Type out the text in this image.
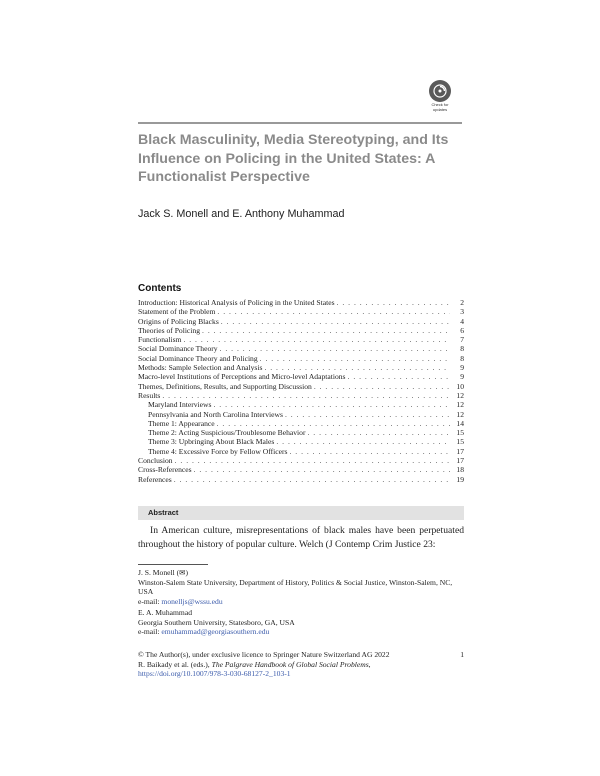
Check for
updates
Black Masculinity, Media Stereotyping, and Its Influence on Policing in the United States: A Functionalist Perspective
Jack S. Monell and E. Anthony Muhammad
Contents
Introduction: Historical Analysis of Policing in the United States . . .	2
Statement of the Problem . . .	3
Origins of Policing Blacks . . .	4
Theories of Policing . . .	6
Functionalism . . .	7
Social Dominance Theory . . .	8
Social Dominance Theory and Policing . . .	8
Methods: Sample Selection and Analysis . . .	9
Macro-level Institutions of Perceptions and Micro-level Adaptations . . .	9
Themes, Definitions, Results, and Supporting Discussion . . .	10
Results . . .	12
Maryland Interviews . . .	12
Pennsylvania and North Carolina Interviews . . .	12
Theme 1: Appearance . . .	14
Theme 2: Acting Suspicious/Troublesome Behavior . . .	15
Theme 3: Upbringing About Black Males . . .	15
Theme 4: Excessive Force by Fellow Officers . . .	17
Conclusion . . .	17
Cross-References . . .	18
References . . .	19
Abstract

In American culture, misrepresentations of black males have been perpetuated throughout the history of popular culture. Welch (J Contemp Crim Justice 23:

J. S. Monell (✉)

Winston-Salem State University, Department of History, Politics & Social Justice, Winston-Salem, NC, USA

e-mail: monelljs@wssu.edu

E. A. Muhammad

Georgia Southern University, Statesboro, GA, USA

e-mail: emuhammad@georgiasouthern.edu

© The Author(s), under exclusive licence to Springer Nature Switzerland AG 2022	1

R. Baikady et al. (eds.), The Palgrave Handbook of Global Social Problems,

https://doi.org/10.1007/978-3-030-68127-2_103-1
